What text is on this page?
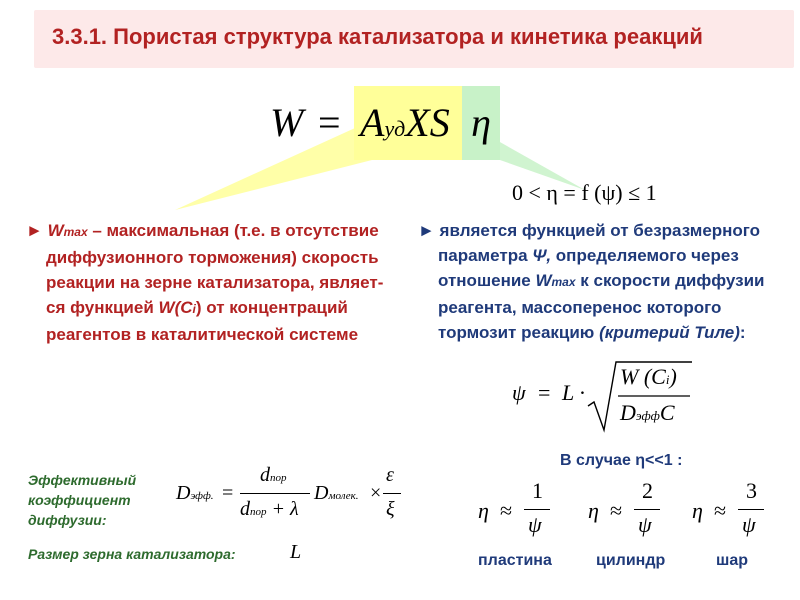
3.3.1. Пористая структура катализатора и кинетика реакций
W = AудXS η
0 < η = f (ψ) ≤ 1
► Wmax – максимальная (т.е. в отсутствие
диффузионного торможения) скорость
реакции на зерне катализатора, являет-
ся функцией W(Ci) от концентраций
реагентов в каталитической системе
► является функцией от безразмерного
параметра Ψ, определяемого через
отношение Wmax к скорости диффузии
реагента, массоперенос которого
тормозит реакцию (критерий Тиле):
ψ = L ·
W (Ci)
DэффC
Эффективный
коэффициент
диффузии:
Dэфф. =
dпор
dпор + λ
Dмолек. ×
ε
ξ
Размер зерна катализатора:	L
В случае η<<1 :
η ≈
1
ψ
η ≈
2
ψ
η ≈
3
ψ
пластина	цилиндр	шар
